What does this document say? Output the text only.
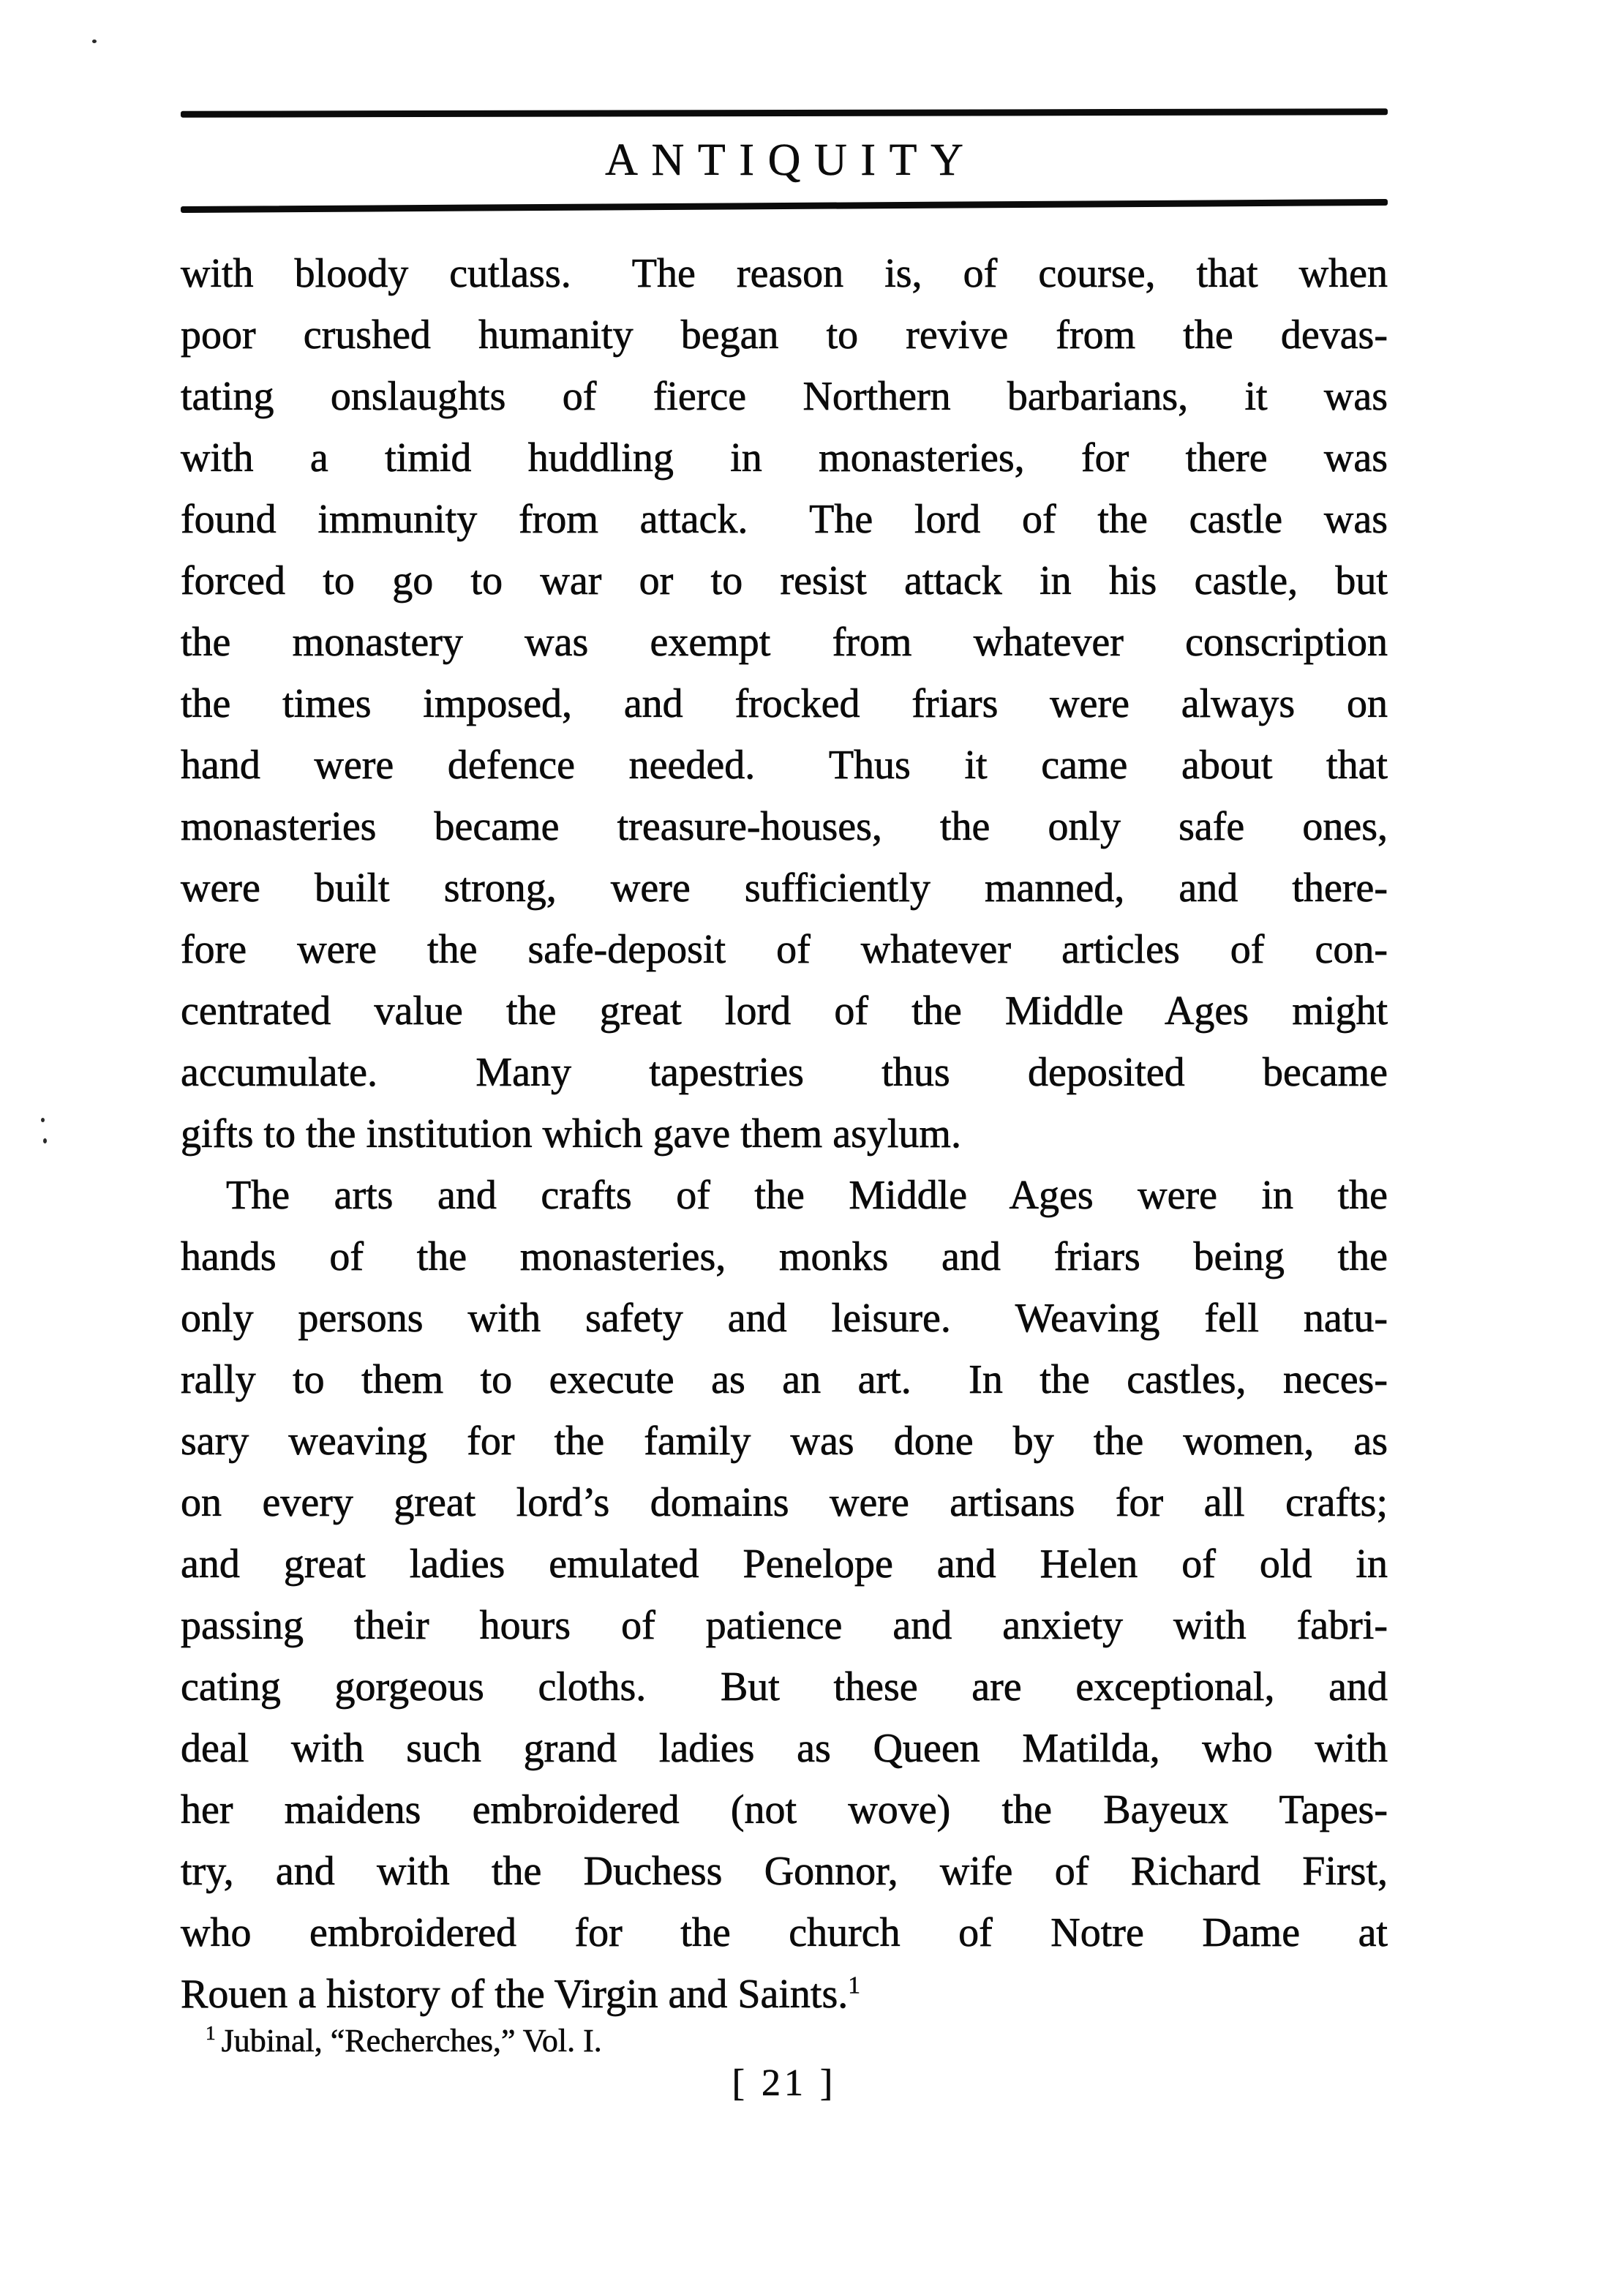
ANTIQUITY
with bloody cutlass.  The reason is, of course, that when
poor crushed humanity began to revive from the devas-
tating onslaughts of fierce Northern barbarians, it was
with a timid huddling in monasteries, for there was
found immunity from attack.  The lord of the castle was
forced to go to war or to resist attack in his castle, but
the monastery was exempt from whatever conscription
the times imposed, and frocked friars were always on
hand were defence needed.  Thus it came about that
monasteries became treasure-houses, the only safe ones,
were built strong, were sufficiently manned, and there-
fore were the safe-deposit of whatever articles of con-
centrated value the great lord of the Middle Ages might
accumulate.  Many tapestries thus deposited became
gifts to the institution which gave them asylum.
The arts and crafts of the Middle Ages were in the
hands of the monasteries, monks and friars being the
only persons with safety and leisure.  Weaving fell natu-
rally to them to execute as an art.  In the castles, neces-
sary weaving for the family was done by the women, as
on every great lord’s domains were artisans for all crafts;
and great ladies emulated Penelope and Helen of old in
passing their hours of patience and anxiety with fabri-
cating gorgeous cloths.  But these are exceptional, and
deal with such grand ladies as Queen Matilda, who with
her maidens embroidered (not wove) the Bayeux Tapes-
try, and with the Duchess Gonnor, wife of Richard First,
who embroidered for the church of Notre Dame at
Rouen a history of the Virgin and Saints.$^1$
$^1$ Jubinal, “Recherches,” Vol. I.
[ 21 ]
